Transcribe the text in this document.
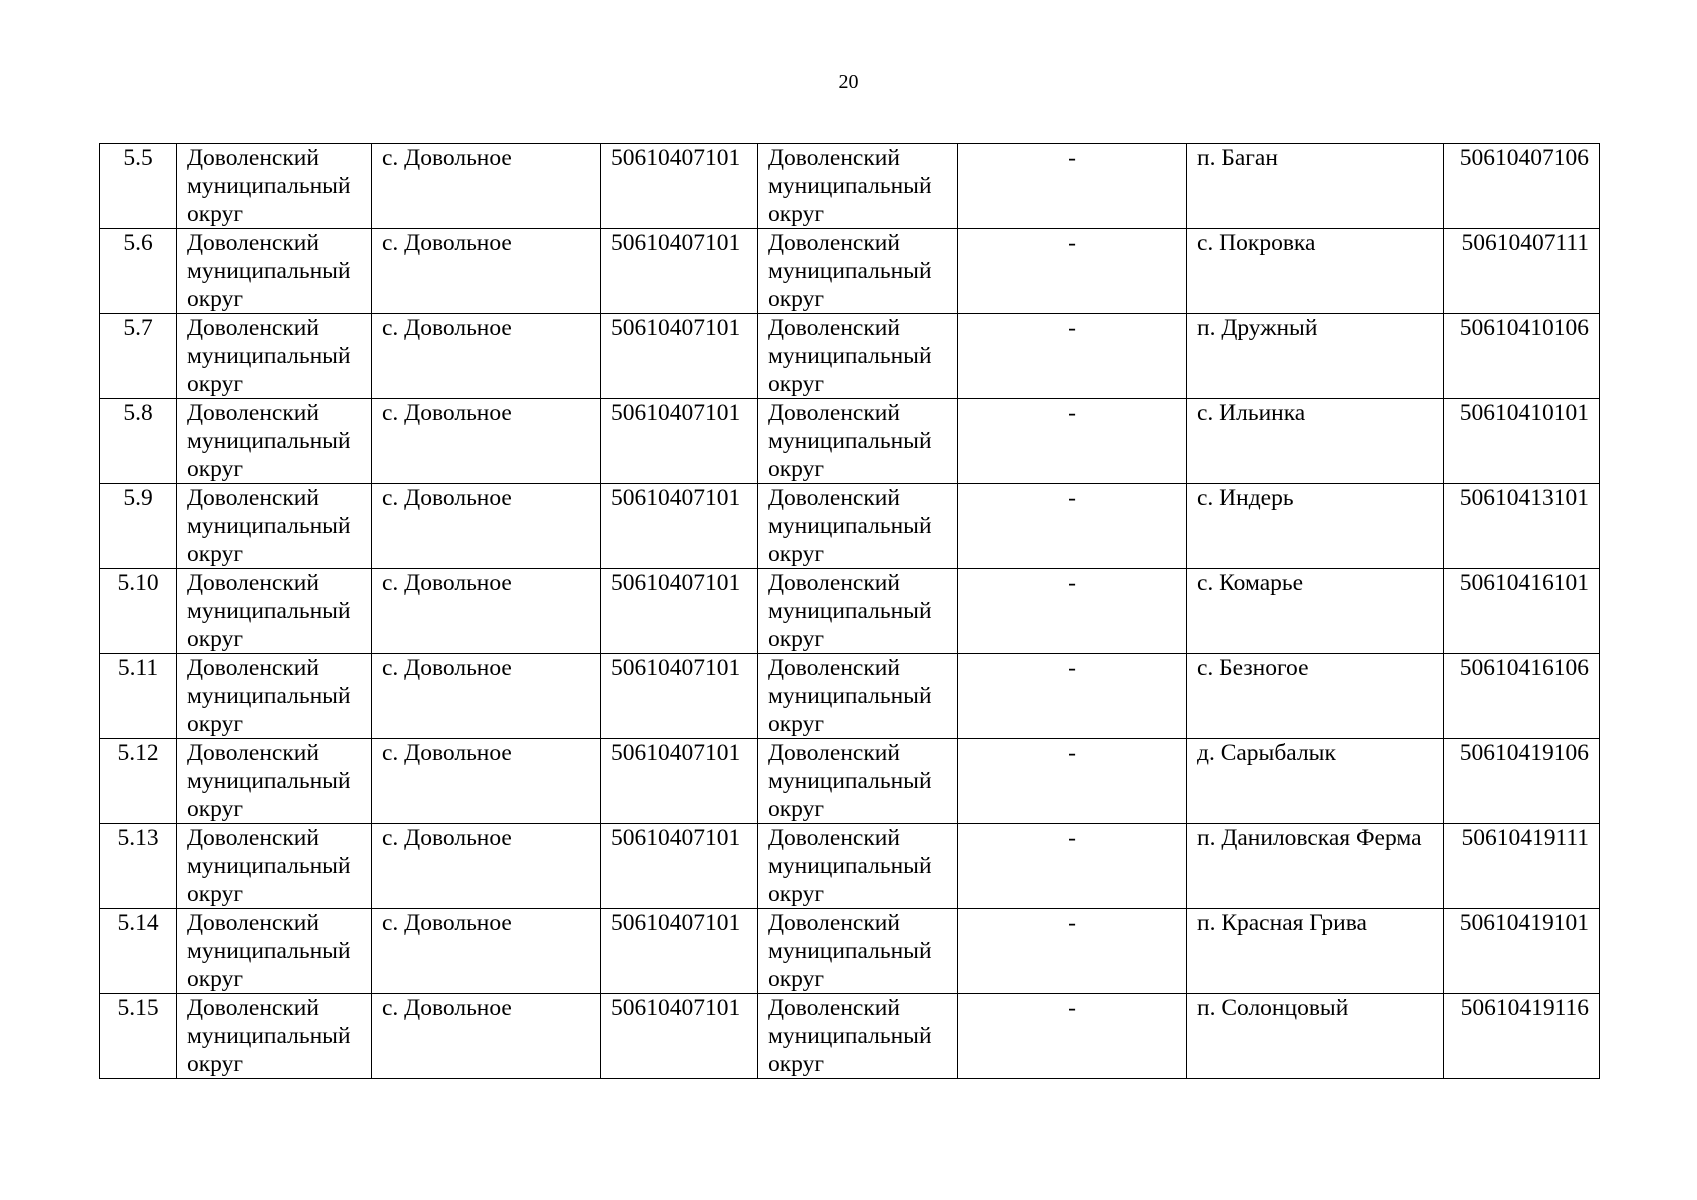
20
5.5	Доволенский муниципальный округ	с. Довольное	50610407101	Доволенский муниципальный округ	-	п. Баган	50610407106
5.6	Доволенский муниципальный округ	с. Довольное	50610407101	Доволенский муниципальный округ	-	с. Покровка	50610407111
5.7	Доволенский муниципальный округ	с. Довольное	50610407101	Доволенский муниципальный округ	-	п. Дружный	50610410106
5.8	Доволенский муниципальный округ	с. Довольное	50610407101	Доволенский муниципальный округ	-	с. Ильинка	50610410101
5.9	Доволенский муниципальный округ	с. Довольное	50610407101	Доволенский муниципальный округ	-	с. Индерь	50610413101
5.10	Доволенский муниципальный округ	с. Довольное	50610407101	Доволенский муниципальный округ	-	с. Комарье	50610416101
5.11	Доволенский муниципальный округ	с. Довольное	50610407101	Доволенский муниципальный округ	-	с. Безногое	50610416106
5.12	Доволенский муниципальный округ	с. Довольное	50610407101	Доволенский муниципальный округ	-	д. Сарыбалык	50610419106
5.13	Доволенский муниципальный округ	с. Довольное	50610407101	Доволенский муниципальный округ	-	п. Даниловская Ферма	50610419111
5.14	Доволенский муниципальный округ	с. Довольное	50610407101	Доволенский муниципальный округ	-	п. Красная Грива	50610419101
5.15	Доволенский муниципальный округ	с. Довольное	50610407101	Доволенский муниципальный округ	-	п. Солонцовый	50610419116
